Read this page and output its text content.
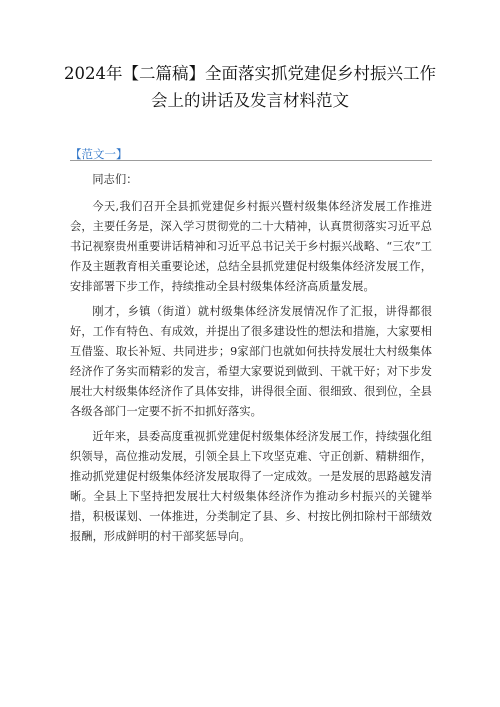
2024年【二篇稿】全面落实抓党建促乡村振兴工作会上的讲话及发言材料范文
【范文一】

同志们：

今天,我们召开全县抓党建促乡村振兴暨村级集体经济发展工作推进会，主要任务是，深入学习贯彻党的二十大精神，认真贯彻落实习近平总书记视察贵州重要讲话精神和习近平总书记关于乡村振兴战略、“三农”工作及主题教育相关重要论述，总结全县抓党建促村级集体经济发展工作，安排部署下步工作，持续推动全县村级集体经济高质量发展。

刚才，乡镇（街道）就村级集体经济发展情况作了汇报，讲得都很好，工作有特色、有成效，并提出了很多建设性的想法和措施，大家要相互借鉴、取长补短、共同进步；9家部门也就如何扶持发展壮大村级集体经济作了务实而精彩的发言，希望大家要说到做到、干就干好；对下步发展壮大村级集体经济作了具体安排，讲得很全面、很细致、很到位，全县各级各部门一定要不折不扣抓好落实。

近年来，县委高度重视抓党建促村级集体经济发展工作，持续强化组织领导，高位推动发展，引领全县上下攻坚克难、守正创新、精耕细作，推动抓党建促村级集体经济发展取得了一定成效。一是发展的思路越发清晰。全县上下坚持把发展壮大村级集体经济作为推动乡村振兴的关键举措，积极谋划、一体推进，分类制定了县、乡、村按比例扣除村干部绩效报酬，形成鲜明的村干部奖惩导向。
